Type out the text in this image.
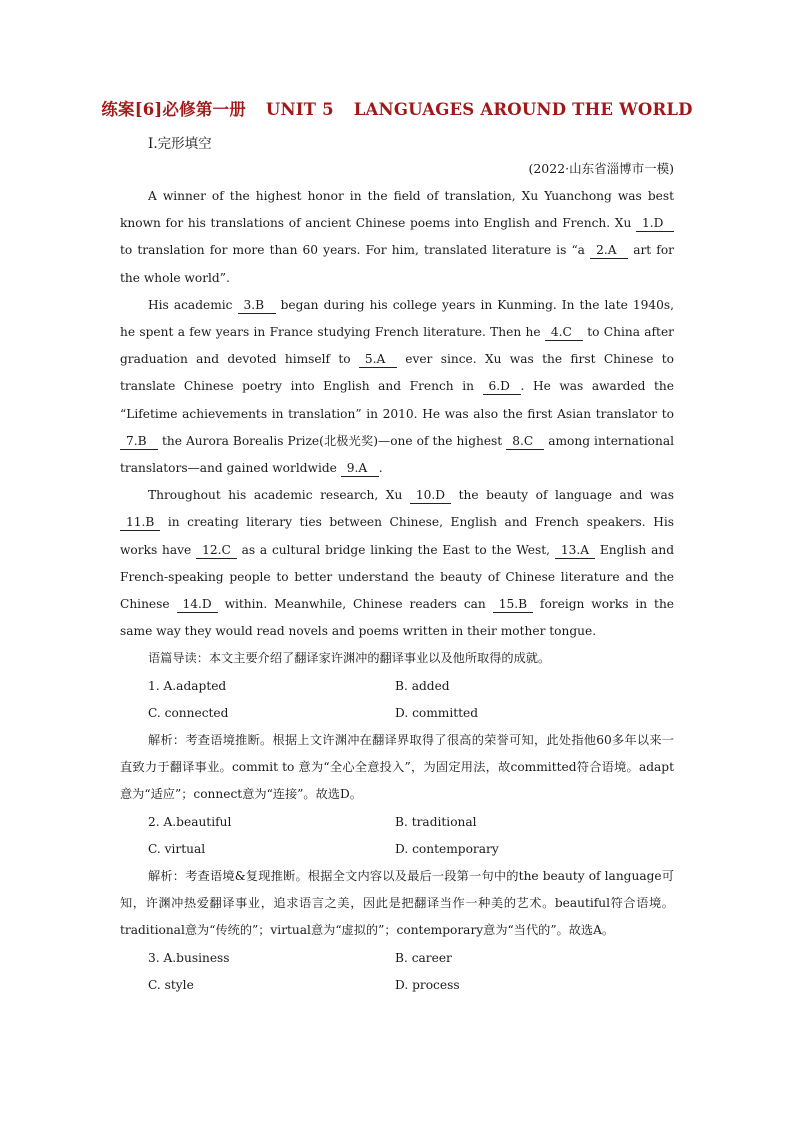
练案[6]必修第一册 UNIT 5 LANGUAGES AROUND THE WORLD
Ⅰ.完形填空
(2022·山东省淄博市一模)

A winner of the highest honor in the field of translation, Xu Yuanchong was best known for his translations of ancient Chinese poems into English and French. Xu 1.D to translation for more than 60 years. For him, translated literature is “a 2.A art for the whole world”.

His academic 3.B began during his college years in Kunming. In the late 1940s, he spent a few years in France studying French literature. Then he 4.C to China after graduation and devoted himself to 5.A ever since. Xu was the first Chinese to translate Chinese poetry into English and French in 6.D . He was awarded the “Lifetime achievements in translation” in 2010. He was also the first Asian translator to 7.B the Aurora Borealis Prize(北极光奖)—one of the highest 8.C among international translators—and gained worldwide 9.A .

Throughout his academic research, Xu 10.D the beauty of language and was 11.B in creating literary ties between Chinese, English and French speakers. His works have 12.C as a cultural bridge linking the East to the West, 13.A English and French-speaking people to better understand the beauty of Chinese literature and the Chinese 14.D within. Meanwhile, Chinese readers can 15.B foreign works in the same way they would read novels and poems written in their mother tongue.

语篇导读：本文主要介绍了翻译家许渊冲的翻译事业以及他所取得的成就。

1. A.adapted	B. added
C. connected	D. committed

解析：考查语境推断。根据上文许渊冲在翻译界取得了很高的荣誉可知，此处指他60多年以来一直致力于翻译事业。commit to 意为“全心全意投入”，为固定用法，故committed符合语境。adapt意为“适应”；connect意为“连接”。故选D。

2. A.beautiful	B. traditional
C. virtual	D. contemporary

解析：考查语境&复现推断。根据全文内容以及最后一段第一句中的the beauty of language可知，许渊冲热爱翻译事业，追求语言之美，因此是把翻译当作一种美的艺术。beautiful符合语境。traditional意为“传统的”；virtual意为“虚拟的”；contemporary意为“当代的”。故选A。

3. A.business	B. career
C. style	D. process
